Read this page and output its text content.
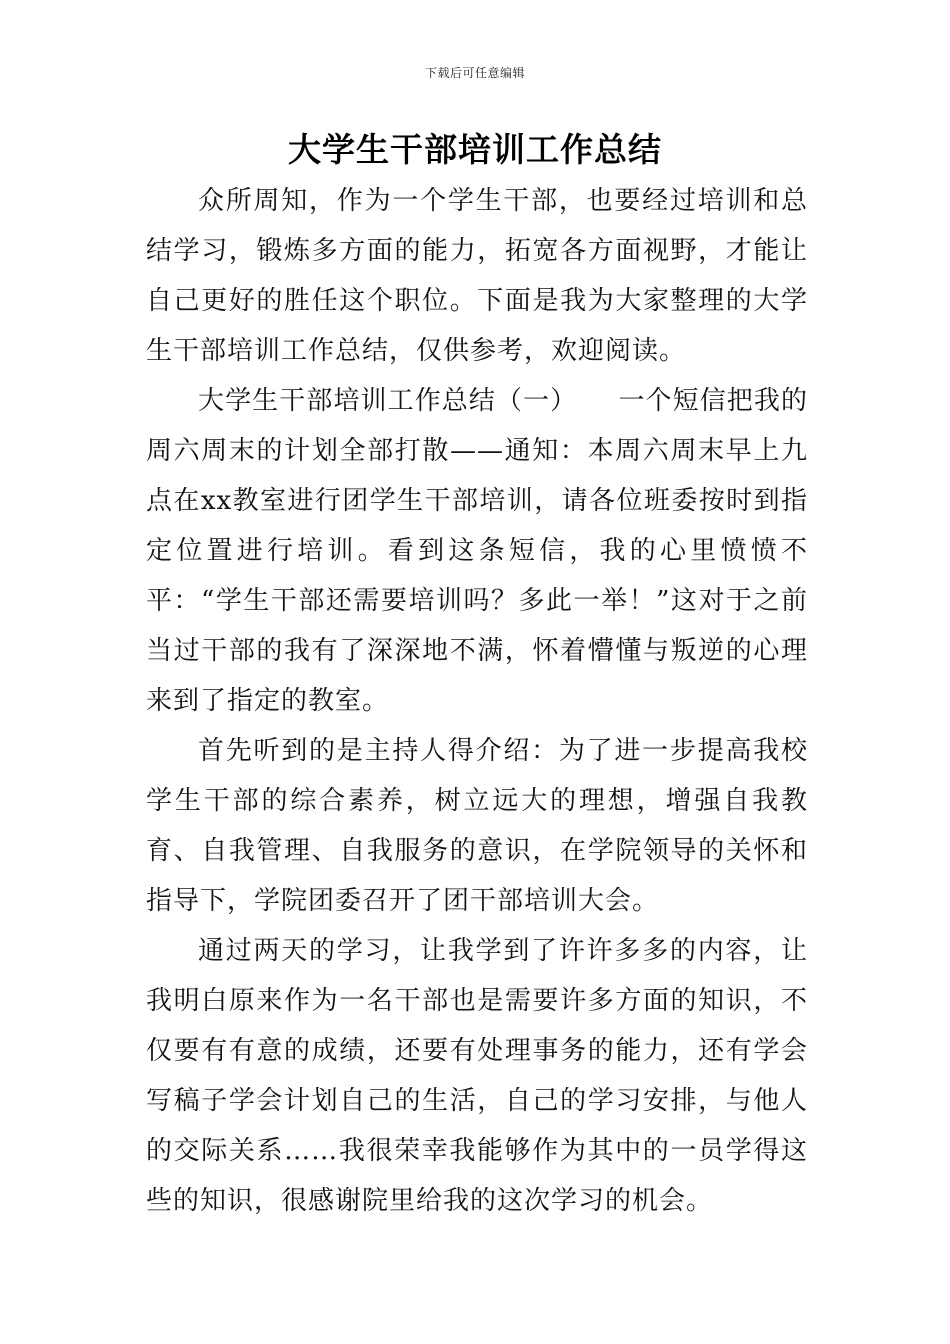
下载后可任意编辑
大学生干部培训工作总结

众所周知，作为一个学生干部，也要经过培训和总结学习，锻炼多方面的能力，拓宽各方面视野，才能让自己更好的胜任这个职位。下面是我为大家整理的大学生干部培训工作总结，仅供参考，欢迎阅读。

大学生干部培训工作总结（一）　　一个短信把我的周六周末的计划全部打散——通知：本周六周末早上九点在xx教室进行团学生干部培训，请各位班委按时到指定位置进行培训。看到这条短信，我的心里愤愤不平：“学生干部还需要培训吗？多此一举！”这对于之前当过干部的我有了深深地不满，怀着懵懂与叛逆的心理来到了指定的教室。

首先听到的是主持人得介绍：为了进一步提高我校学生干部的综合素养，树立远大的理想，增强自我教育、自我管理、自我服务的意识，在学院领导的关怀和指导下，学院团委召开了团干部培训大会。

通过两天的学习，让我学到了许许多多的内容，让我明白原来作为一名干部也是需要许多方面的知识，不仅要有有意的成绩，还要有处理事务的能力，还有学会写稿子学会计划自己的生活，自己的学习安排，与他人的交际关系……我很荣幸我能够作为其中的一员学得这些的知识，很感谢院里给我的这次学习的机会。
